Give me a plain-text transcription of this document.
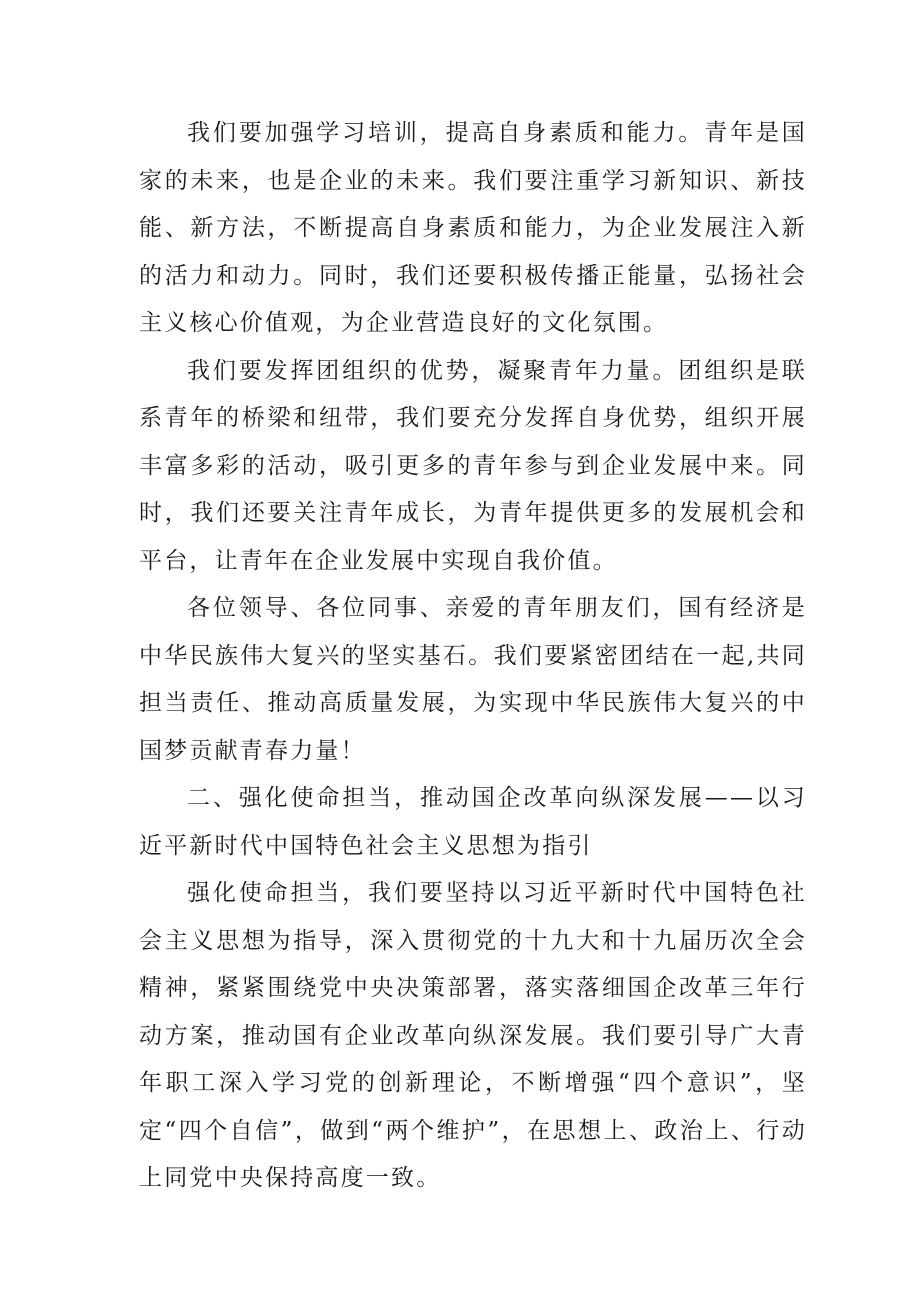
我们要加强学习培训，提高自身素质和能力。青年是国家的未来，也是企业的未来。我们要注重学习新知识、新技能、新方法，不断提高自身素质和能力，为企业发展注入新的活力和动力。同时，我们还要积极传播正能量，弘扬社会主义核心价值观，为企业营造良好的文化氛围。

我们要发挥团组织的优势，凝聚青年力量。团组织是联系青年的桥梁和纽带，我们要充分发挥自身优势，组织开展丰富多彩的活动，吸引更多的青年参与到企业发展中来。同时，我们还要关注青年成长，为青年提供更多的发展机会和平台，让青年在企业发展中实现自我价值。

各位领导、各位同事、亲爱的青年朋友们，国有经济是中华民族伟大复兴的坚实基石。我们要紧密团结在一起,共同担当责任、推动高质量发展，为实现中华民族伟大复兴的中国梦贡献青春力量！

二、强化使命担当，推动国企改革向纵深发展——以习近平新时代中国特色社会主义思想为指引

强化使命担当，我们要坚持以习近平新时代中国特色社会主义思想为指导，深入贯彻党的十九大和十九届历次全会精神，紧紧围绕党中央决策部署，落实落细国企改革三年行动方案，推动国有企业改革向纵深发展。我们要引导广大青年职工深入学习党的创新理论，不断增强“四个意识”，坚定“四个自信”，做到“两个维护”，在思想上、政治上、行动上同党中央保持高度一致。
